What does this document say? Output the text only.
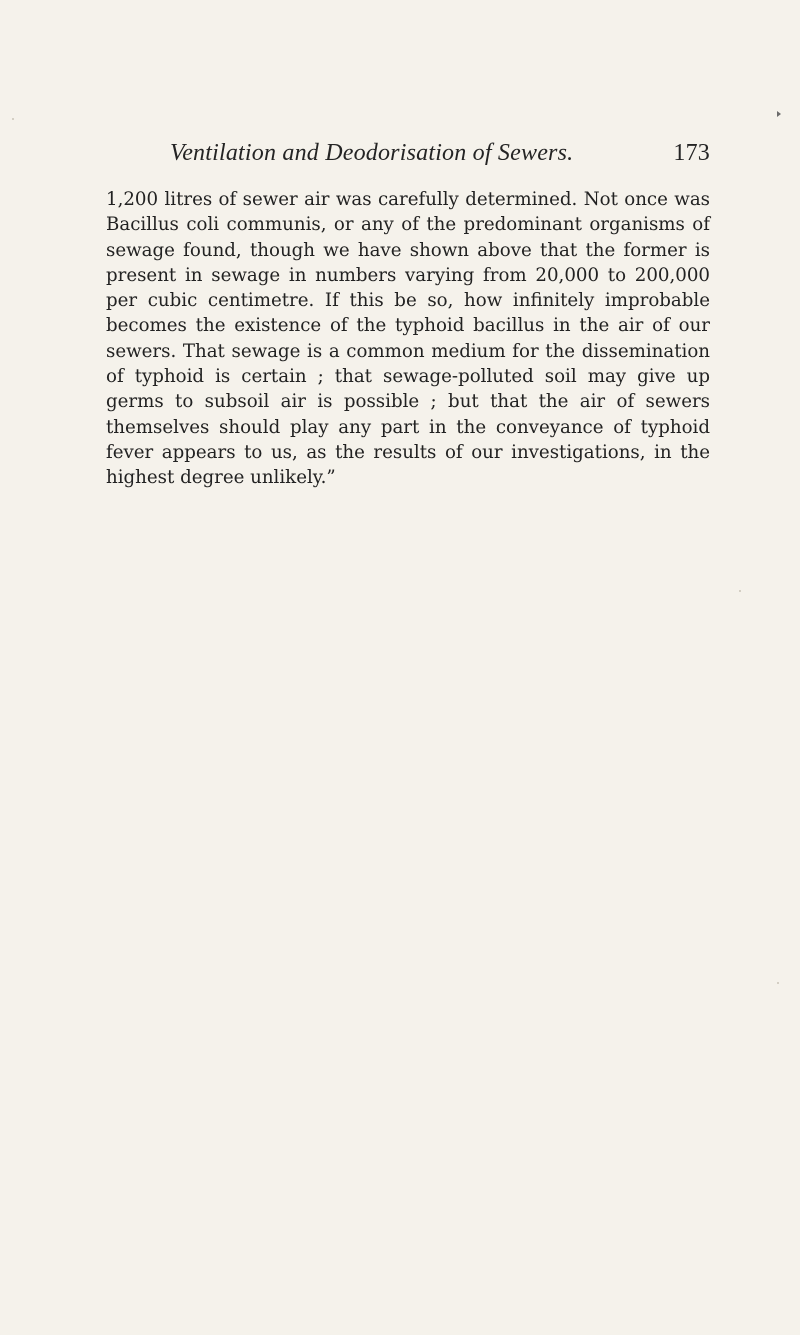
Ventilation and Deodorisation of Sewers.	173

1,200 litres of sewer air was carefully determined. Not once was Bacillus coli communis, or any of the predominant organisms of sewage found, though we have shown above that the former is present in sewage in numbers varying from 20,000 to 200,000 per cubic centimetre. If this be so, how infinitely improbable becomes the existence of the typhoid bacillus in the air of our sewers. That sewage is a common medium for the dissemination of typhoid is certain ; that sewage-polluted soil may give up germs to subsoil air is possible ; but that the air of sewers themselves should play any part in the conveyance of typhoid fever appears to us, as the results of our investigations, in the highest degree unlikely.”
